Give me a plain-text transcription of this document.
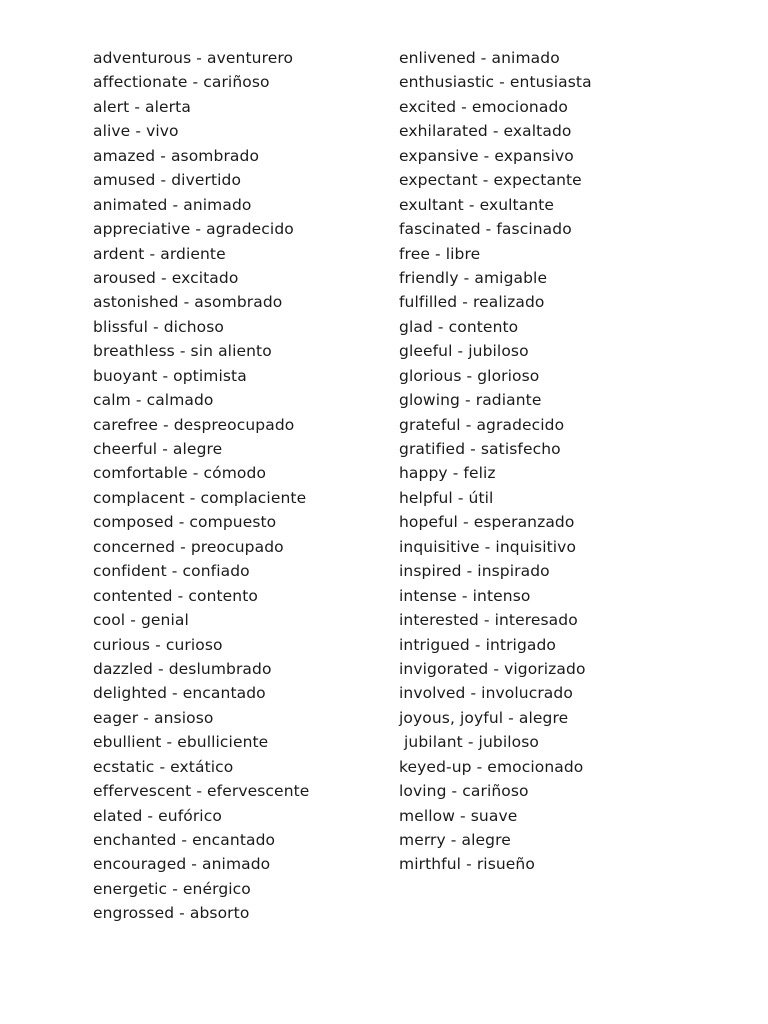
adventurous - aventurero
affectionate - cariñoso
alert - alerta
alive - vivo
amazed - asombrado
amused - divertido
animated - animado
appreciative - agradecido
ardent - ardiente
aroused - excitado
astonished - asombrado
blissful - dichoso
breathless - sin aliento
buoyant - optimista
calm - calmado
carefree - despreocupado
cheerful - alegre
comfortable - cómodo
complacent - complaciente
composed - compuesto
concerned - preocupado
confident - confiado
contented - contento
cool - genial
curious - curioso
dazzled - deslumbrado
delighted - encantado
eager - ansioso
ebullient - ebulliciente
ecstatic - extático
effervescent - efervescente
elated - eufórico
enchanted - encantado
encouraged - animado
energetic - enérgico
engrossed - absorto
enlivened - animado
enthusiastic - entusiasta
excited - emocionado
exhilarated - exaltado
expansive - expansivo
expectant - expectante
exultant - exultante
fascinated - fascinado
free - libre
friendly - amigable
fulfilled - realizado
glad - contento
gleeful - jubiloso
glorious - glorioso
glowing - radiante
grateful - agradecido
gratified - satisfecho
happy - feliz
helpful - útil
hopeful - esperanzado
inquisitive - inquisitivo
inspired - inspirado
intense - intenso
interested - interesado
intrigued - intrigado
invigorated - vigorizado
involved - involucrado
joyous, joyful - alegre
jubilant - jubiloso
keyed-up - emocionado
loving - cariñoso
mellow - suave
merry - alegre
mirthful - risueño
